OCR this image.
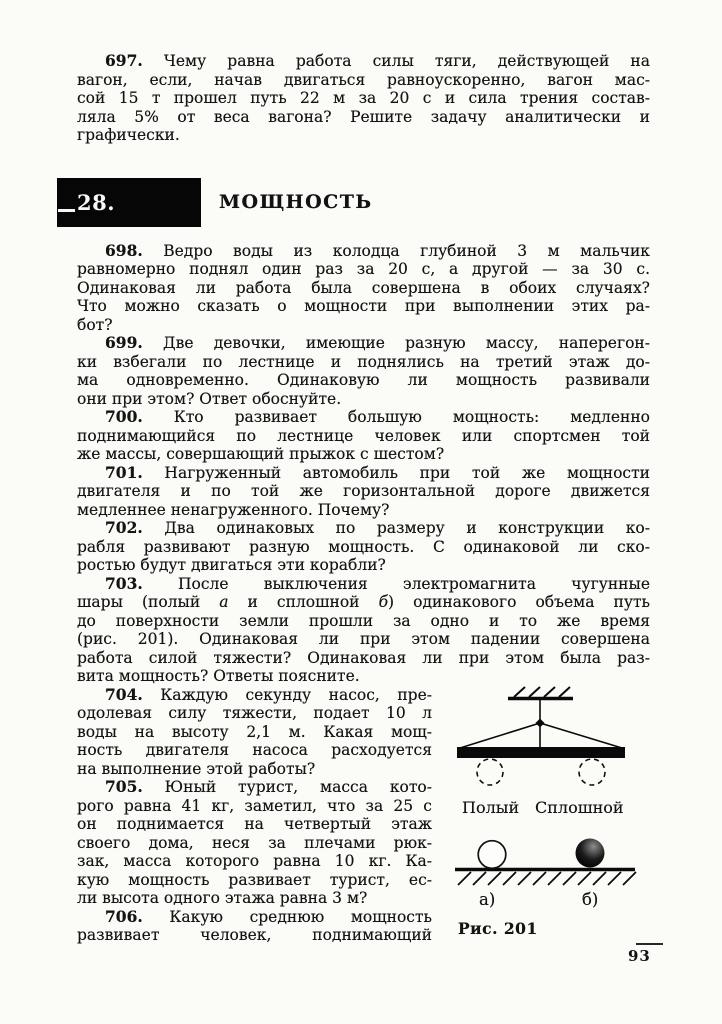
697. Чему равна работа силы тяги, действующей на
вагон, если, начав двигаться равноускоренно, вагон мас-
сой 15 т прошел путь 22 м за 20 с и сила трения состав-
ляла 5% от веса вагона? Решите задачу аналитически и
графически.
28.	МОЩНОСТЬ
698. Ведро воды из колодца глубиной 3 м мальчик
равномерно поднял один раз за 20 с, а другой — за 30 с.
Одинаковая ли работа была совершена в обоих случаях?
Что можно сказать о мощности при выполнении этих ра-
бот?
699. Две девочки, имеющие разную массу, наперегон-
ки взбегали по лестнице и поднялись на третий этаж до-
ма одновременно. Одинаковую ли мощность развивали
они при этом? Ответ обоснуйте.
700. Кто развивает большую мощность: медленно
поднимающийся по лестнице человек или спортсмен той
же массы, совершающий прыжок с шестом?
701. Нагруженный автомобиль при той же мощности
двигателя и по той же горизонтальной дороге движется
медленнее ненагруженного. Почему?
702. Два одинаковых по размеру и конструкции ко-
рабля развивают разную мощность. С одинаковой ли ско-
ростью будут двигаться эти корабли?
703. После выключения электромагнита чугунные
шары (полый а и сплошной б) одинакового объема путь
до поверхности земли прошли за одно и то же время
(рис. 201). Одинаковая ли при этом падении совершена
работа силой тяжести? Одинаковая ли при этом была раз-
вита мощность? Ответы поясните.
704. Каждую секунду насос, пре-
одолевая силу тяжести, подает 10 л
воды на высоту 2,1 м. Какая мощ-
ность двигателя насоса расходуется
на выполнение этой работы?
705. Юный турист, масса кото-
рого равна 41 кг, заметил, что за 25 с
он поднимается на четвертый этаж
своего дома, неся за плечами рюк-
зак, масса которого равна 10 кг. Ка-
кую мощность развивает турист, ес-
ли высота одного этажа равна 3 м?
706. Какую среднюю мощность
развивает человек, поднимающий
Полый Сплошной
а)	б)
Рис. 201
93
